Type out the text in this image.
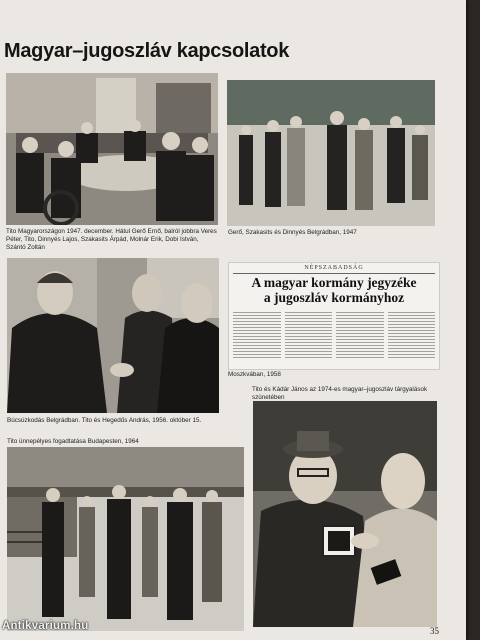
Magyar–jugoszláv kapcsolatok
Tito Magyarországon 1947. december. Hátul Gerő Ernő, balról jobbra Veres Péter, Tito, Dinnyés Lajos, Szakasits Árpád, Molnár Erik, Dobi István, Szántó Zoltán
Gerő, Szakasits és Dinnyés Belgrádban, 1947
Búcsúzkodás Belgrádban. Tito és Hegedűs András, 1956. október 15.
NÉPSZABADSÁG
A magyar kormány jegyzéke
a jugoszláv kormányhoz
Moszkvában, 1958
Tito ünnepélyes fogadtatása Budapesten, 1964
Tito és Kádár János az 1974-es magyar–jugoszláv tárgyalások szünetében
35
Antikvarium.hu
